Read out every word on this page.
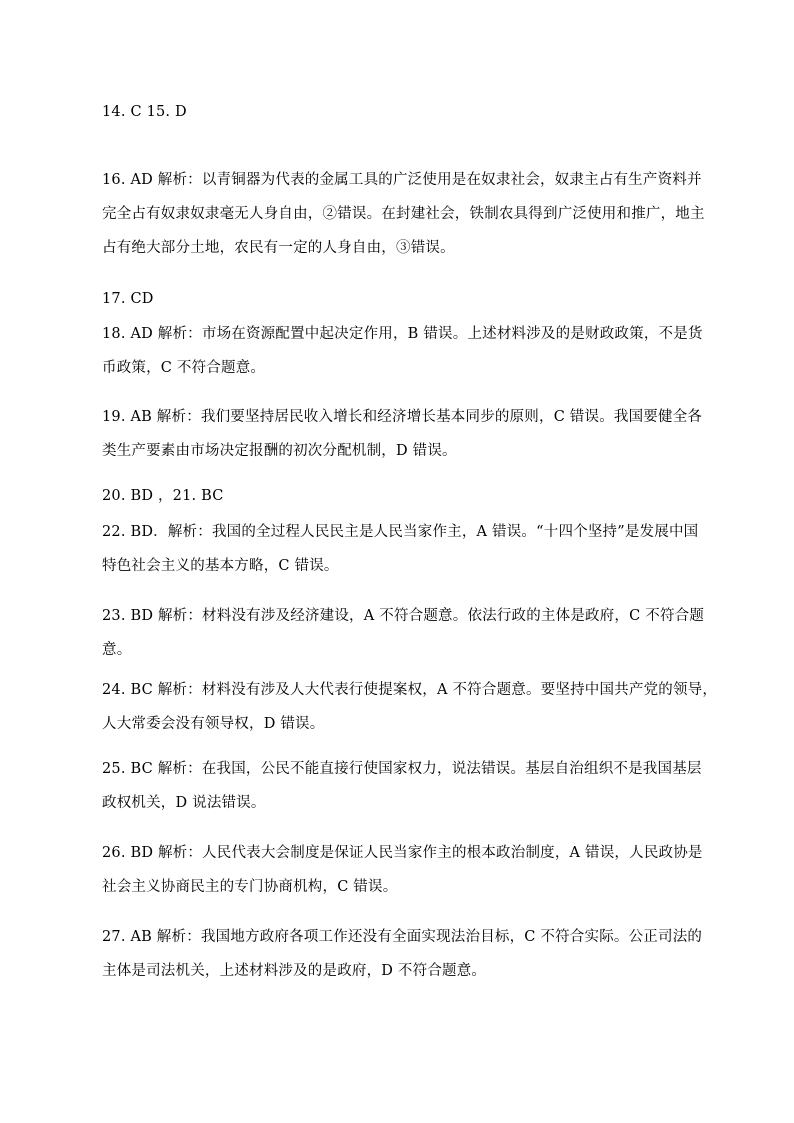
14. C 15. D
16. AD 解析：以青铜器为代表的金属工具的广泛使用是在奴隶社会，奴隶主占有生产资料并
完全占有奴隶奴隶毫无人身自由，②错误。在封建社会，铁制农具得到广泛使用和推广，地主
占有绝大部分土地，农民有一定的人身自由，③错误。
17. CD
18. AD 解析：市场在资源配置中起决定作用，B 错误。上述材料涉及的是财政政策，不是货
币政策，C 不符合题意。
19. AB 解析：我们要坚持居民收入增长和经济增长基本同步的原则，C 错误。我国要健全各
类生产要素由市场决定报酬的初次分配机制，D 错误。
20. BD ，21. BC
22. BD．解析：我国的全过程人民民主是人民当家作主，A 错误。“十四个坚持”是发展中国
特色社会主义的基本方略，C 错误。
23. BD 解析：材料没有涉及经济建设，A 不符合题意。依法行政的主体是政府，C 不符合题
意。
24. BC 解析：材料没有涉及人大代表行使提案权，A 不符合题意。要坚持中国共产党的领导，
人大常委会没有领导权，D 错误。
25. BC 解析：在我国，公民不能直接行使国家权力，说法错误。基层自治组织不是我国基层
政权机关，D 说法错误。
26. BD 解析：人民代表大会制度是保证人民当家作主的根本政治制度，A 错误，人民政协是
社会主义协商民主的专门协商机构，C 错误。
27. AB 解析：我国地方政府各项工作还没有全面实现法治目标，C 不符合实际。公正司法的
主体是司法机关，上述材料涉及的是政府，D 不符合题意。
